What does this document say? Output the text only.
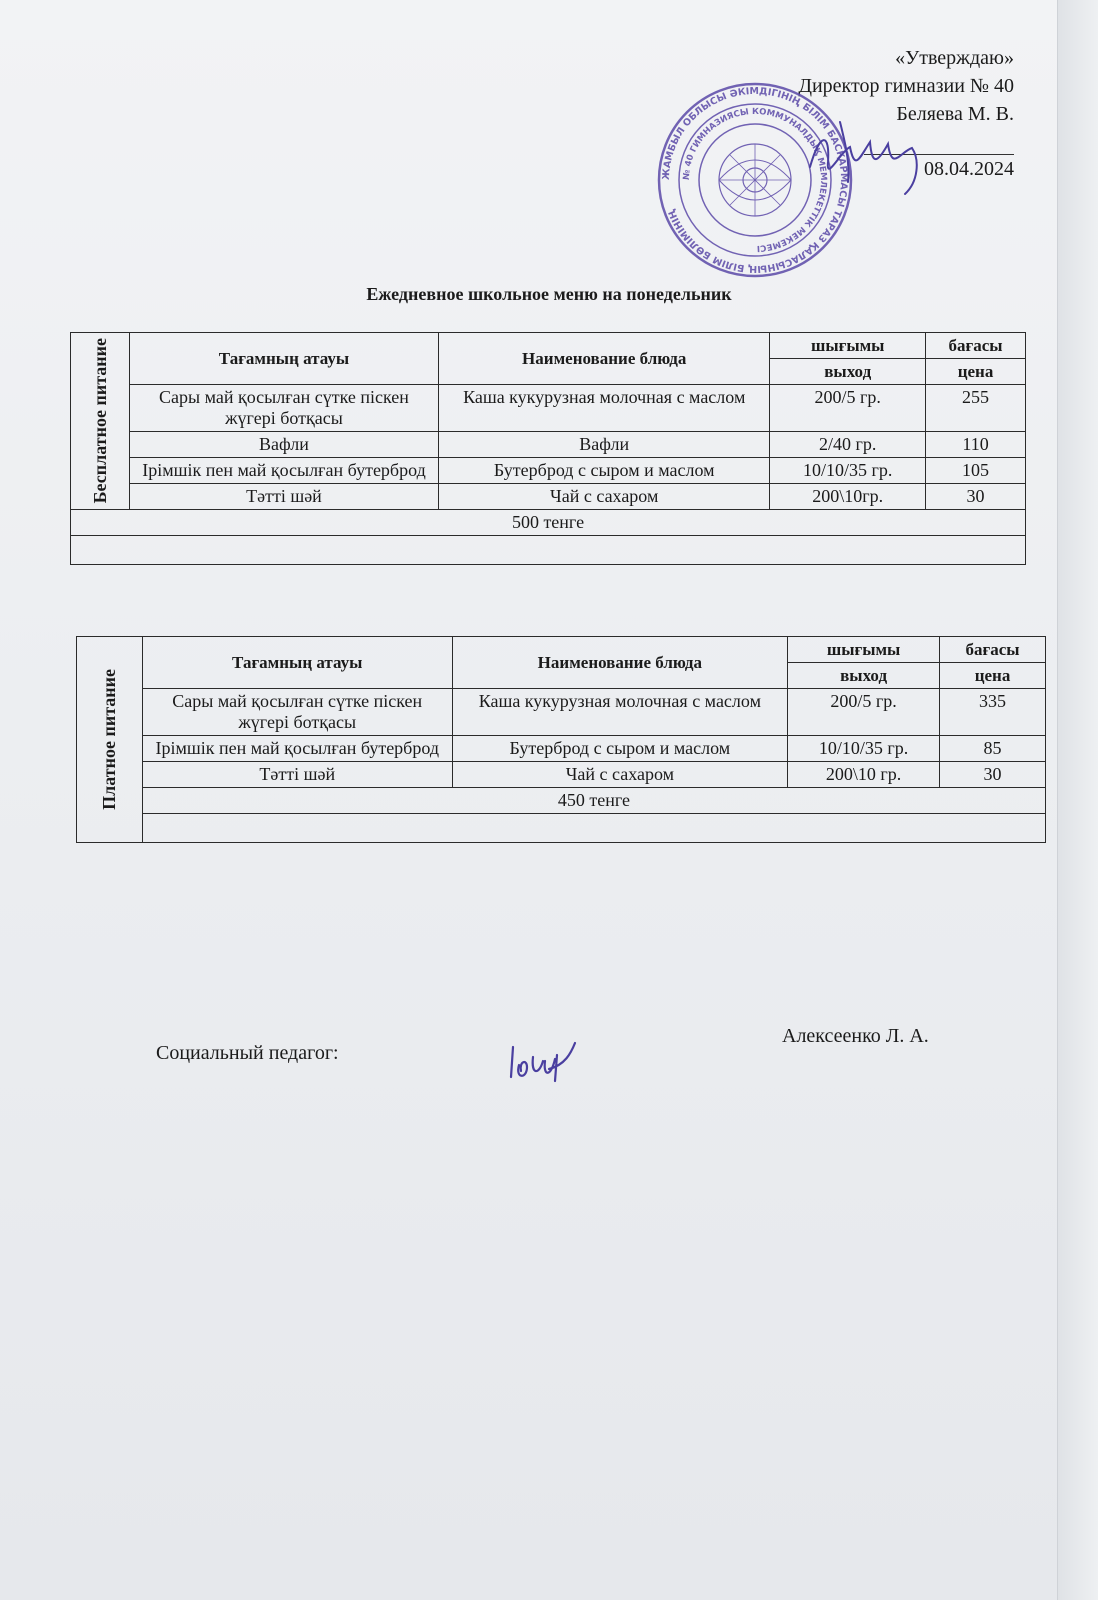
«Утверждаю»
Директор гимназии № 40
Беляева М. В.
08.04.2024
ЖАМБЫЛ ОБЛЫСЫ ӘКІМДІГІНІҢ БІЛІМ БАСҚАРМАСЫ ТАРАЗ ҚАЛАСЫНЫҢ БІЛІМ БӨЛІМІНІҢ
№ 40 ГИМНАЗИЯСЫ КОММУНАЛДЫҚ МЕМЛЕКЕТТІК МЕКЕМЕСІ
Ежедневное школьное меню на понедельник
Бесплатное питание	Тағамның атауы	Наименование блюда	шығымы	бағасы
			выход	цена
	Сары май қосылған сүтке піскен жүгері ботқасы	Каша кукурузная молочная с маслом	200/5 гр.	255
	Вафли	Вафли	2/40 гр.	110
	Ірімшік пен май қосылған бутерброд	Бутерброд с сыром и маслом	10/10/35 гр.	105
	Тәтті шәй	Чай с сахаром	200\10гр.	30
500 тенге				

Платное питание	Тағамның атауы	Наименование блюда	шығымы	бағасы
			выход	цена
	Сары май қосылған сүтке піскен жүгері ботқасы	Каша кукурузная молочная с маслом	200/5 гр.	335
	Ірімшік пен май қосылған бутерброд	Бутерброд с сыром и маслом	10/10/35 гр.	85
	Тәтті шәй	Чай с сахаром	200\10 гр.	30
	450 тенге			

Социальный педагог:
Алексеенко Л. А.
